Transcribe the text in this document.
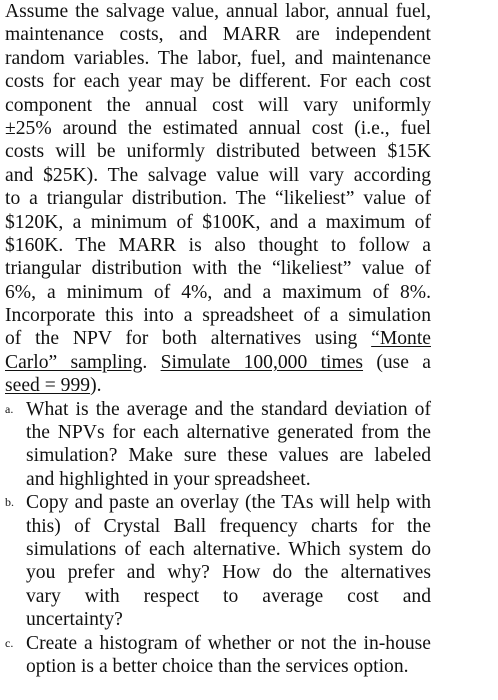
Assume the salvage value, annual labor, annual fuel,
maintenance costs, and MARR are independent
random variables. The labor, fuel, and maintenance
costs for each year may be different. For each cost
component the annual cost will vary uniformly
±25% around the estimated annual cost (i.e., fuel
costs will be uniformly distributed between $15K
and $25K). The salvage value will vary according
to a triangular distribution. The “likeliest” value of
$120K, a minimum of $100K, and a maximum of
$160K. The MARR is also thought to follow a
triangular distribution with the “likeliest” value of
6%, a minimum of 4%, and a maximum of 8%.
Incorporate this into a spreadsheet of a simulation
of the NPV for both alternatives using “Monte
Carlo” sampling. Simulate 100,000 times (use a
seed = 999).
a. What is the average and the standard deviation of
the NPVs for each alternative generated from the
simulation? Make sure these values are labeled
and highlighted in your spreadsheet.
b. Copy and paste an overlay (the TAs will help with
this) of Crystal Ball frequency charts for the
simulations of each alternative. Which system do
you prefer and why? How do the alternatives
vary with respect to average cost and
uncertainty?
c. Create a histogram of whether or not the in-house
option is a better choice than the services option.
